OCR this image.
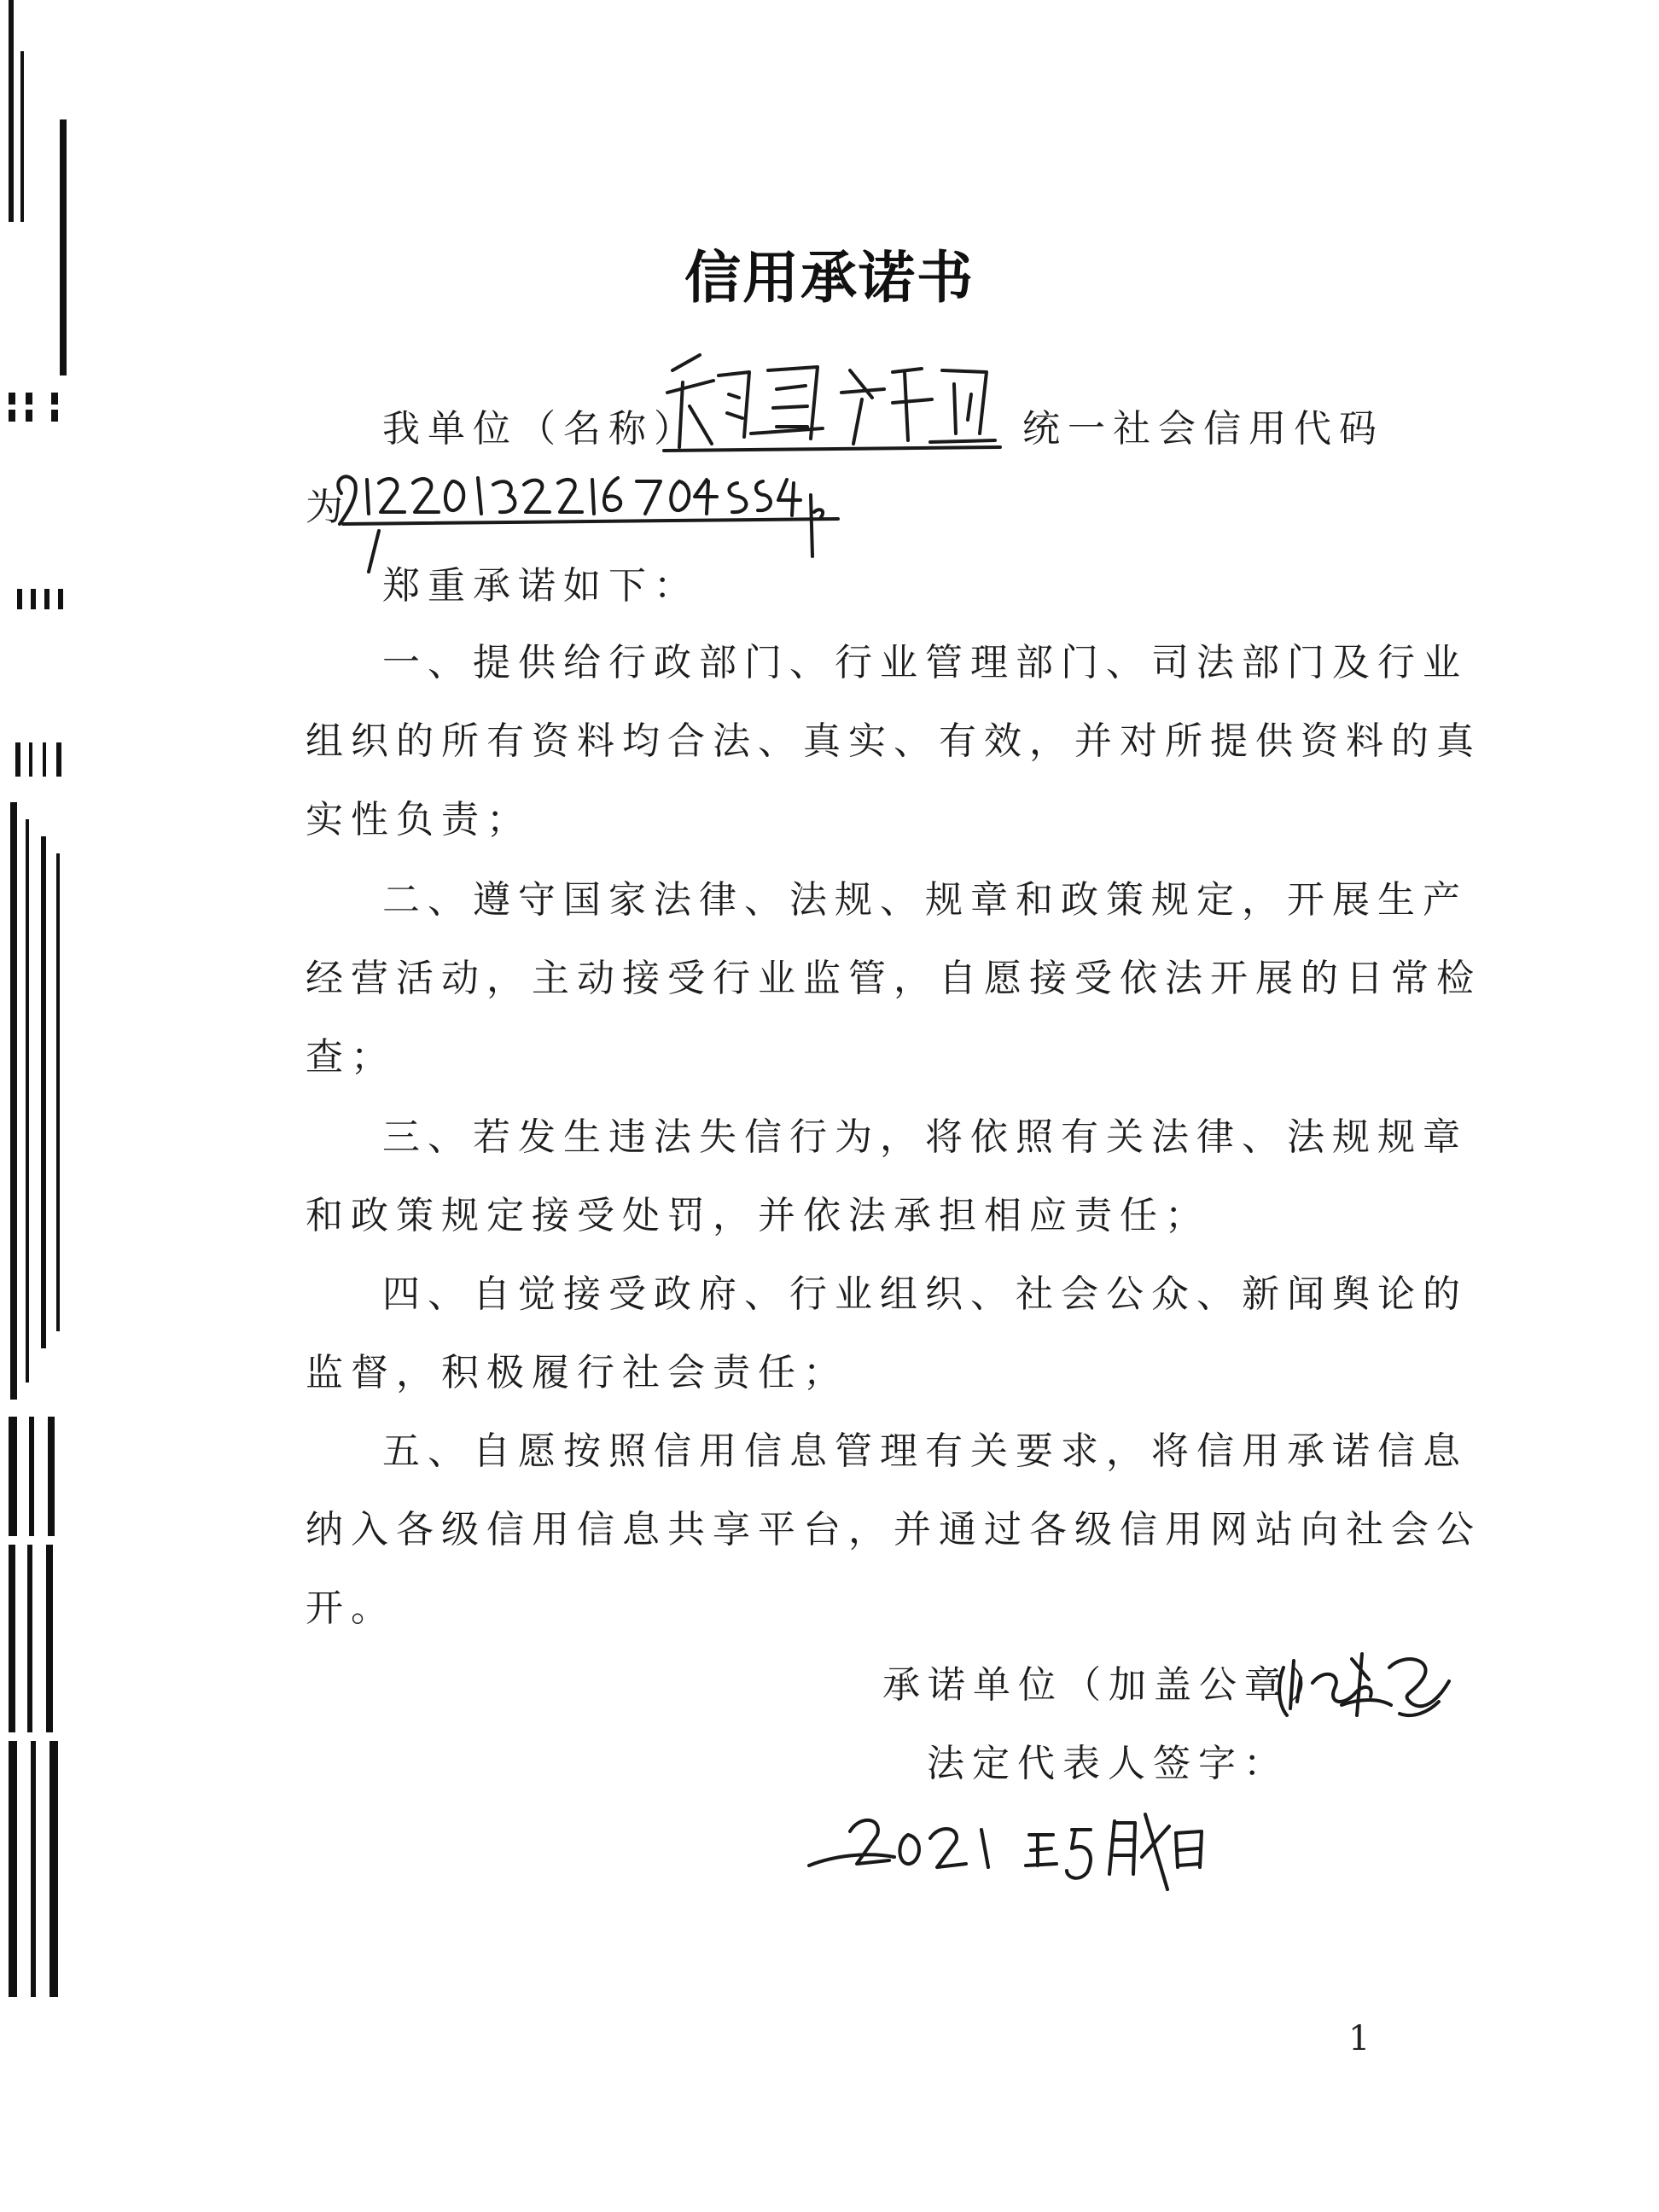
信用承诺书
我单位（名称）	统一社会信用代码
为
郑重承诺如下：
一、提供给行政部门、行业管理部门、司法部门及行业
组织的所有资料均合法、真实、有效，并对所提供资料的真
实性负责；
二、遵守国家法律、法规、规章和政策规定，开展生产
经营活动，主动接受行业监管，自愿接受依法开展的日常检
查；
三、若发生违法失信行为，将依照有关法律、法规规章
和政策规定接受处罚，并依法承担相应责任；
四、自觉接受政府、行业组织、社会公众、新闻舆论的
监督，积极履行社会责任；
五、自愿按照信用信息管理有关要求，将信用承诺信息
纳入各级信用信息共享平台，并通过各级信用网站向社会公
开。
承诺单位（加盖公章）
法定代表人签字：
1
